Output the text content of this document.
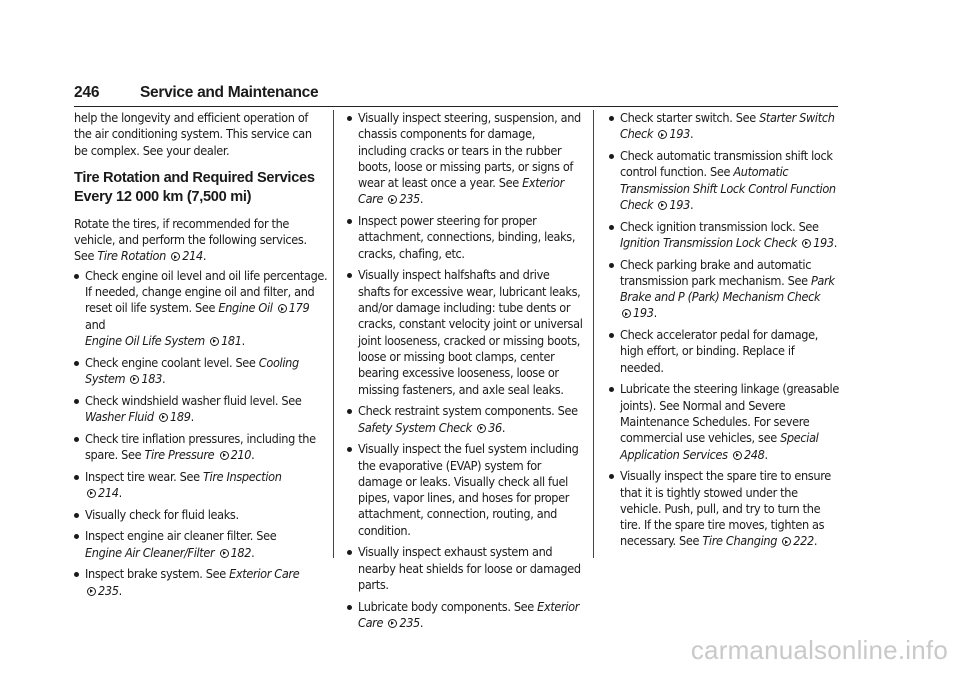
246	Service and Maintenance

help the longevity and efficient operation of the air conditioning system. This service can be complex. See your dealer.

Tire Rotation and Required Services Every 12 000 km (7,500 mi)

Rotate the tires, if recommended for the vehicle, and perform the following services. See Tire Rotation 214.

Check engine oil level and oil life percentage. If needed, change engine oil and filter, and reset oil life system. See Engine Oil 179 and
Engine Oil Life System 181.
Check engine coolant level. See Cooling System 183.
Check windshield washer fluid level. See Washer Fluid 189.
Check tire inflation pressures, including the spare. See Tire Pressure 210.
Inspect tire wear. See Tire Inspection
214.
Visually check for fluid leaks.
Inspect engine air cleaner filter. See
Engine Air Cleaner/Filter 182.
Inspect brake system. See Exterior Care
235.
Visually inspect steering, suspension, and chassis components for damage, including cracks or tears in the rubber boots, loose or missing parts, or signs of wear at least once a year. See Exterior Care 235.
Inspect power steering for proper attachment, connections, binding, leaks, cracks, chafing, etc.
Visually inspect halfshafts and drive shafts for excessive wear, lubricant leaks, and/or damage including: tube dents or cracks, constant velocity joint or universal joint looseness, cracked or missing boots, loose or missing boot clamps, center bearing excessive looseness, loose or missing fasteners, and axle seal leaks.
Check restraint system components. See
Safety System Check 36.
Visually inspect the fuel system including the evaporative (EVAP) system for damage or leaks. Visually check all fuel pipes, vapor lines, and hoses for proper attachment, connection, routing, and condition.
Visually inspect exhaust system and nearby heat shields for loose or damaged parts.
Lubricate body components. See Exterior Care 235.
Check starter switch. See Starter Switch Check 193.
Check automatic transmission shift lock control function. See Automatic Transmission Shift Lock Control Function Check 193.
Check ignition transmission lock. See
Ignition Transmission Lock Check 193.
Check parking brake and automatic transmission park mechanism. See Park Brake and P (Park) Mechanism Check
193.
Check accelerator pedal for damage, high effort, or binding. Replace if needed.
Lubricate the steering linkage (greasable joints). See Normal and Severe Maintenance Schedules. For severe commercial use vehicles, see Special Application Services 248.
Visually inspect the spare tire to ensure that it is tightly stowed under the vehicle. Push, pull, and try to turn the tire. If the spare tire moves, tighten as necessary. See Tire Changing 222.
carmanualsonline.info
